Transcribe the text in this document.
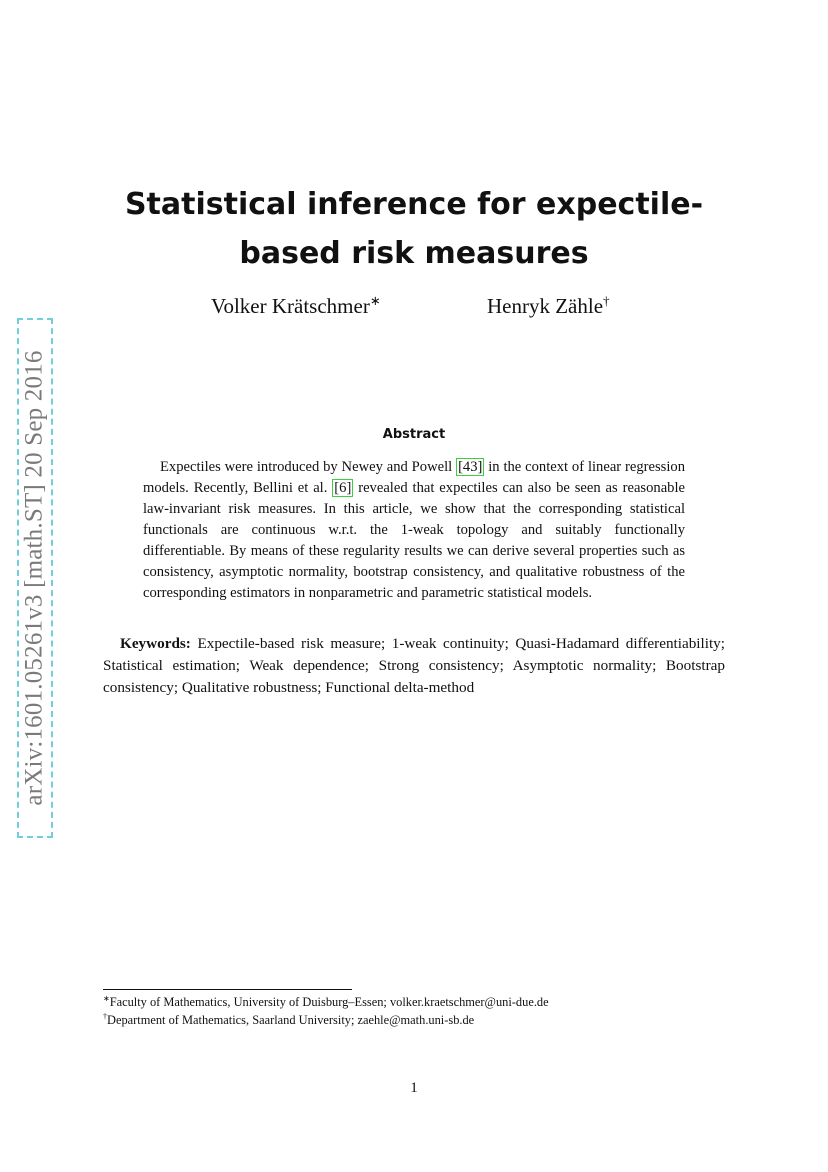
arXiv:1601.05261v3 [math.ST] 20 Sep 2016
Statistical inference for expectile-based risk measures
Volker Krätschmer∗	Henryk Zähle†
Abstract

Expectiles were introduced by Newey and Powell [43] in the context of linear regression models. Recently, Bellini et al. [6] revealed that expectiles can also be seen as reasonable law-invariant risk measures. In this article, we show that the corresponding statistical functionals are continuous w.r.t. the 1-weak topology and suitably functionally differentiable. By means of these regularity results we can derive several properties such as consistency, asymptotic normality, bootstrap consistency, and qualitative robustness of the corresponding estimators in nonparametric and parametric statistical models.

Keywords: Expectile-based risk measure; 1-weak continuity; Quasi-Hadamard differentiability; Statistical estimation; Weak dependence; Strong consistency; Asymptotic normality; Bootstrap consistency; Qualitative robustness; Functional delta-method

∗Faculty of Mathematics, University of Duisburg–Essen; volker.kraetschmer@uni-due.de
†Department of Mathematics, Saarland University; zaehle@math.uni-sb.de
1
